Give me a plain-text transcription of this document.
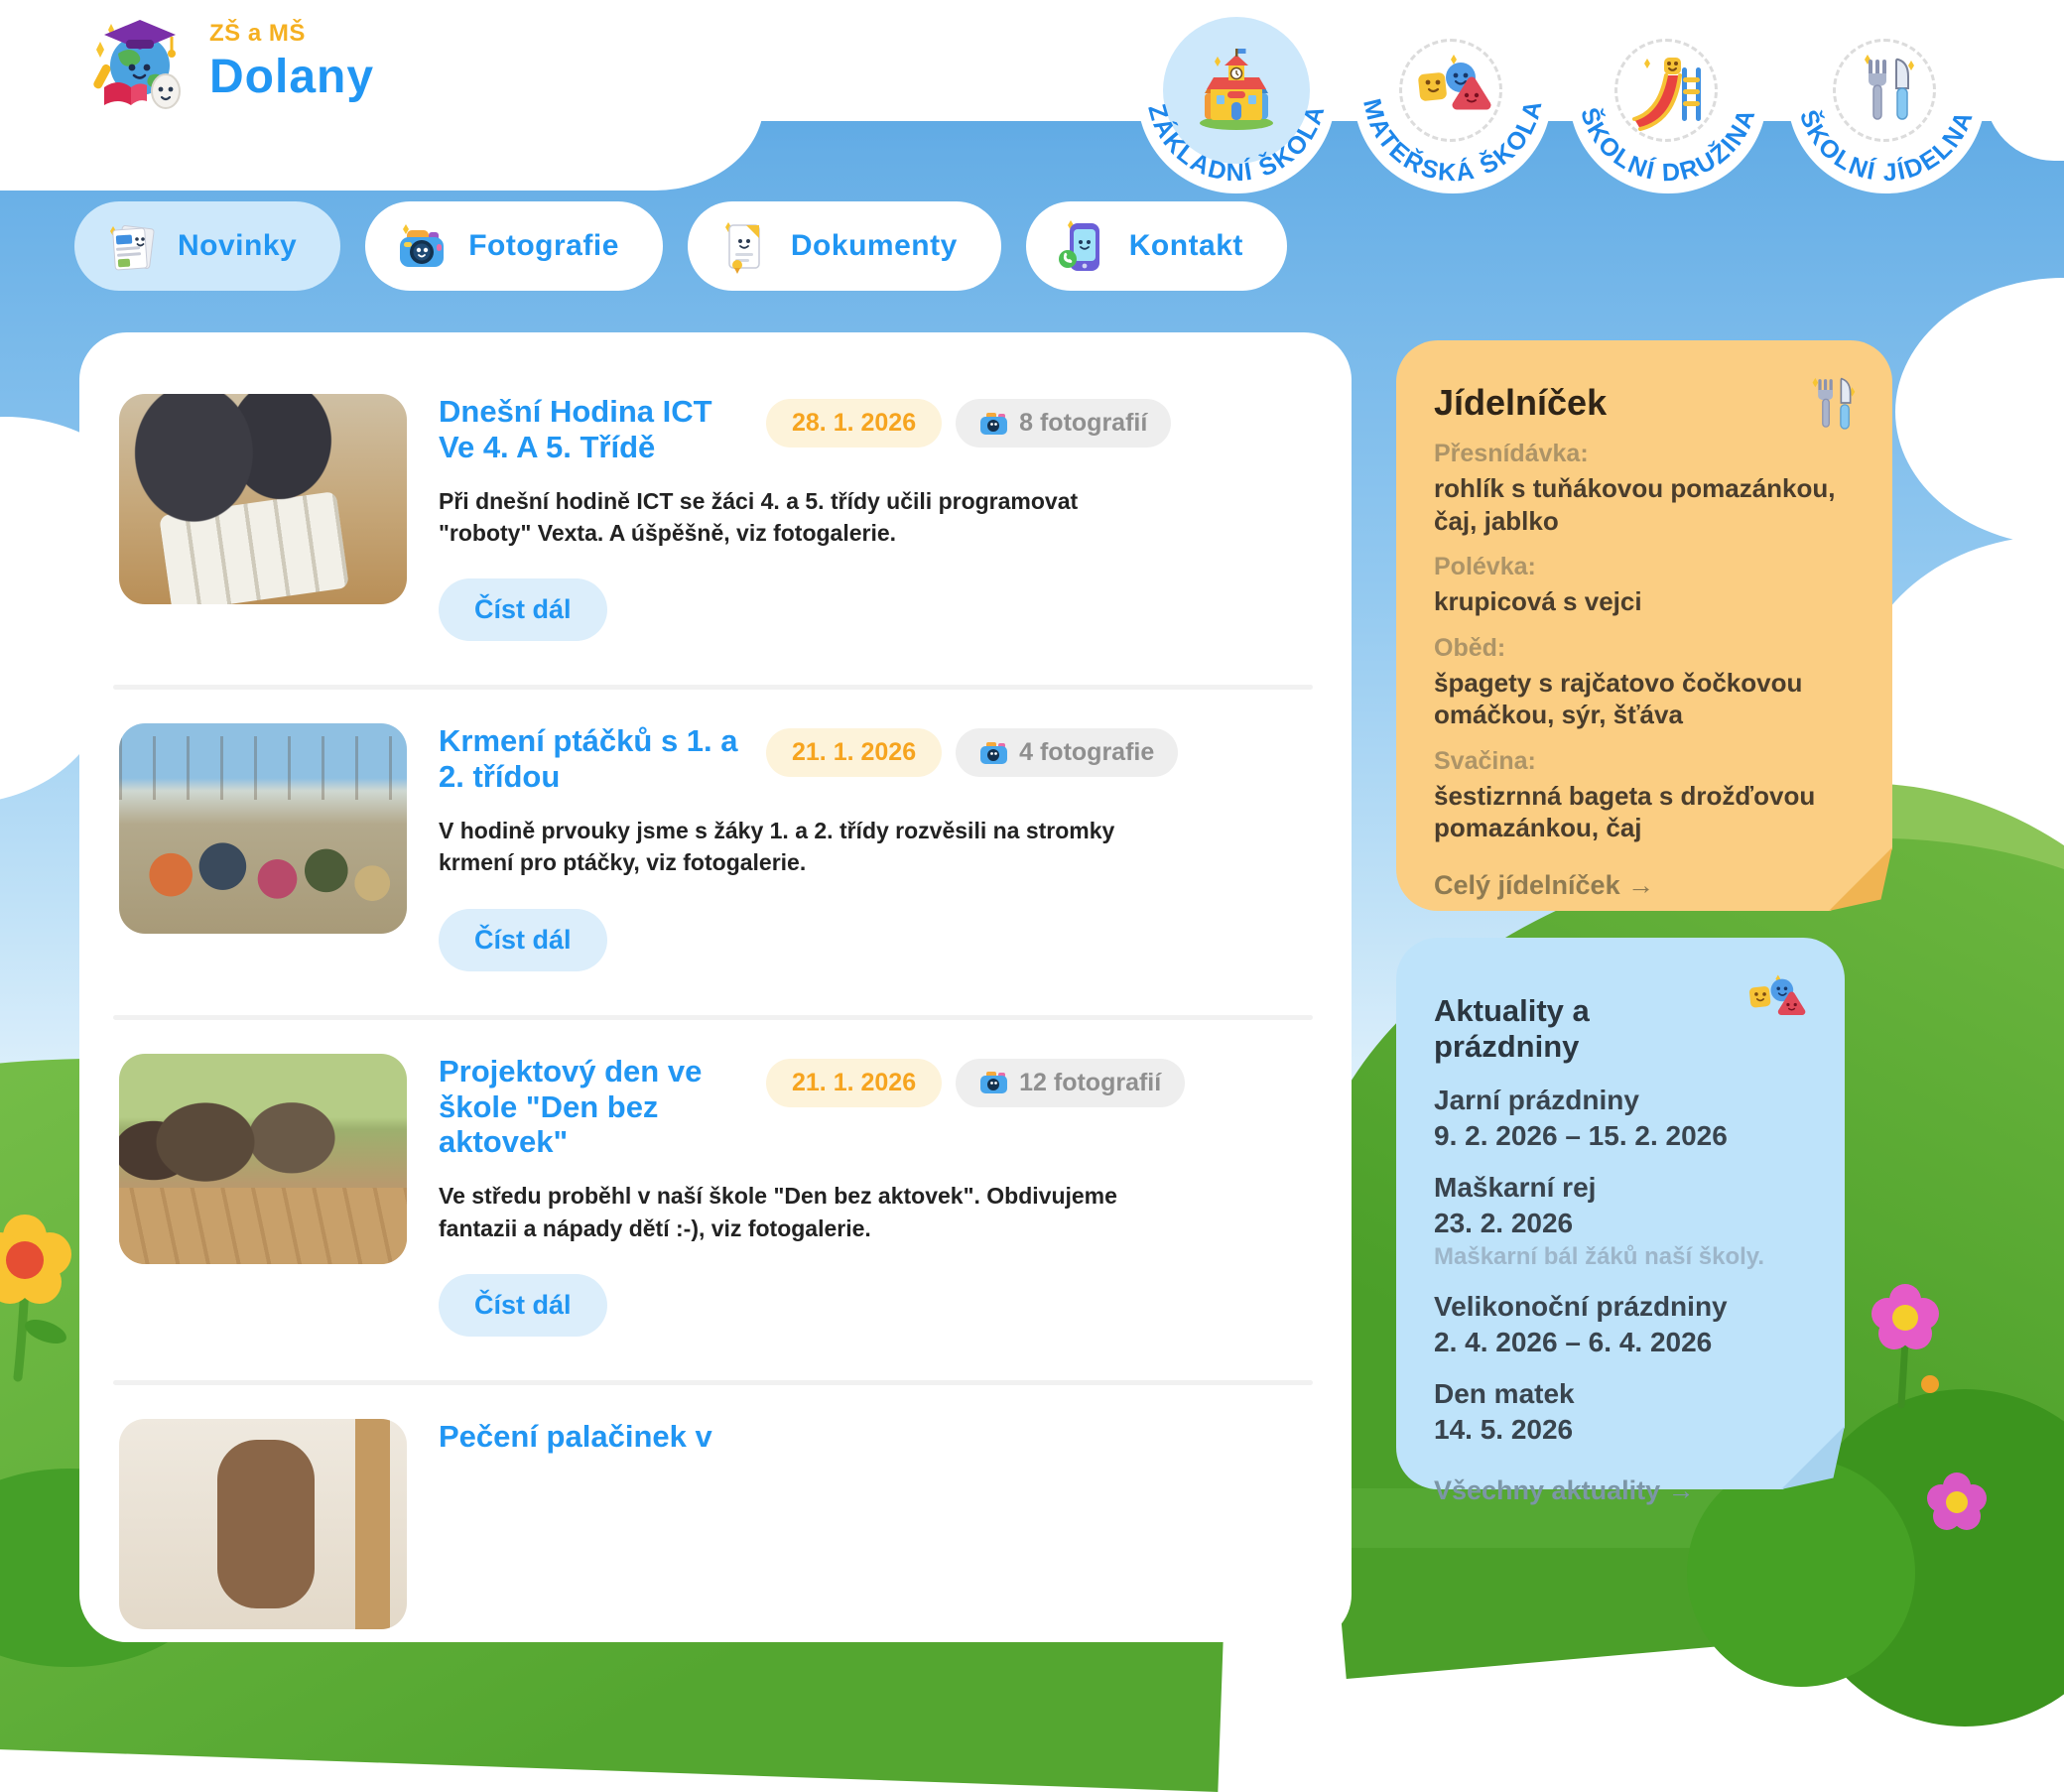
ZŠ a MŠ
Dolany
ZÁKLADNÍ ŠKOLA MATEŘSKÁ ŠKOLA ŠKOLNÍ DRUŽINA ŠKOLNÍ JÍDELNA
Novinky	Fotografie	Dokumenty	Kontakt
Dnešní Hodina ICT Ve 4. A 5. Třídě
28. 1. 2026	8 fotografií

Při dnešní hodině ICT se žáci 4. a 5. třídy učili programovat "roboty" Vexta. A úšpěšně, viz fotogalerie.

Číst dál
Krmení ptáčků s 1. a 2. třídou
21. 1. 2026	4 fotografie

V hodině prvouky jsme s žáky 1. a 2. třídy rozvěsili na stromky krmení pro ptáčky, viz fotogalerie.

Číst dál
Projektový den ve škole "Den bez aktovek"
21. 1. 2026	12 fotografií

Ve středu proběhl v naší škole "Den bez aktovek". Obdivujeme fantazii a nápady dětí :-), viz fotogalerie.

Číst dál
Pečení palačinek v
Jídelníček
Přesnídávka:
rohlík s tuňákovou pomazánkou, čaj, jablko
Polévka:
krupicová s vejci
Oběd:
špagety s rajčatovo čočkovou omáčkou, sýr, šťáva
Svačina:
šestizrnná bageta s drožďovou pomazánkou, čaj
Celý jídelníček →
Aktuality a prázdniny
Jarní prázdniny
9. 2. 2026 – 15. 2. 2026
Maškarní rej
23. 2. 2026
Maškarní bál žáků naší školy.
Velikonoční prázdniny
2. 4. 2026 – 6. 4. 2026
Den matek
14. 5. 2026
Všechny aktuality →
